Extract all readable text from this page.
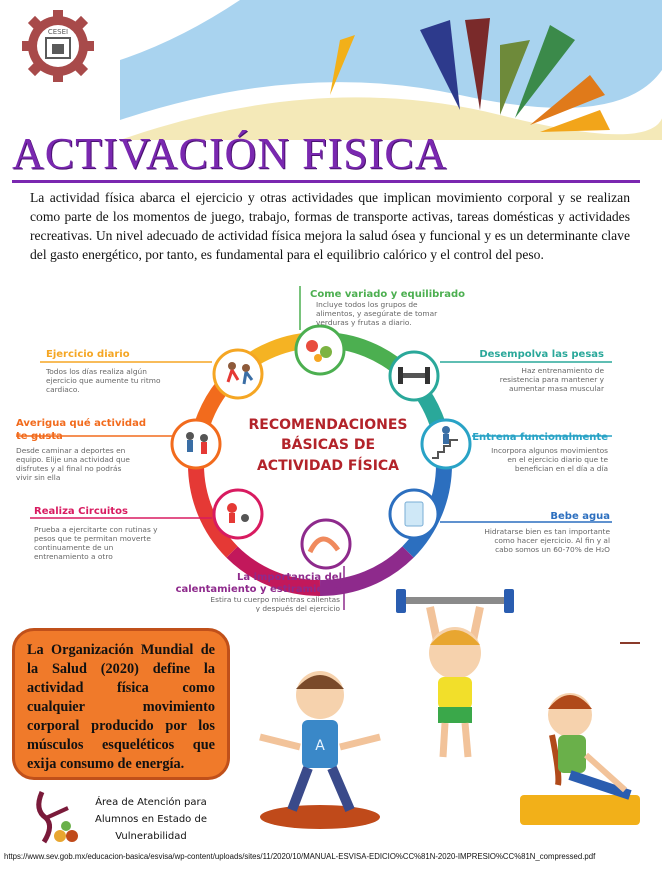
CESEI
ACTIVACIÓN FISICA

La actividad física abarca el ejercicio y otras actividades que implican movimiento corporal y se realizan como parte de los momentos de juego, trabajo, formas de transporte activas, tareas domésticas y actividades recreativas. Un nivel adecuado de actividad física mejora la salud ósea y funcional y es un determinante clave del gasto energético, por tanto, es fundamental para el equilibrio calórico y el control del peso.

RECOMENDACIONES
BÁSICAS DE
ACTIVIDAD FÍSICA
Come variado y equilibrado
Incluye todos los grupos de
alimentos, y asegúrate de tomar
verduras y frutas a diario.
Desempolva las pesas
Haz entrenamiento de
resistencia para mantener y
aumentar masa muscular
Entrena funcionalmente
Incorpora algunos movimientos
en el ejercicio diario que te
benefician en el día a día
Bebe agua
Hidratarse bien es tan importante
como hacer ejercicio. Al fin y al
cabo somos un 60-70% de H₂O
La importancia del
calentamiento y estiramiento
Estira tu cuerpo mientras calientas
y después del ejercicio
Realiza Circuitos
Prueba a ejercitarte con rutinas y
pesos que te permitan moverte
continuamente de un
entrenamiento a otro
Averigua qué actividad
te gusta
Desde caminar a deportes en
equipo. Elije una actividad que
disfrutes y al final no podrás
vivir sin ella
Ejercicio diario
Todos los días realiza algún
ejercicio que aumente tu ritmo
cardiaco.

La Organización Mundial de la Salud (2020) define la actividad física como cualquier movimiento corporal producido por los músculos esqueléticos que exija consumo de energía.

A
Área de Atención para
Alumnos en Estado de
Vulnerabilidad
https://www.sev.gob.mx/educacion-basica/esvisa/wp-content/uploads/sites/11/2020/10/MANUAL-ESVISA-EDICIO%CC%81N-2020-IMPRESIO%CC%81N_compressed.pdf
